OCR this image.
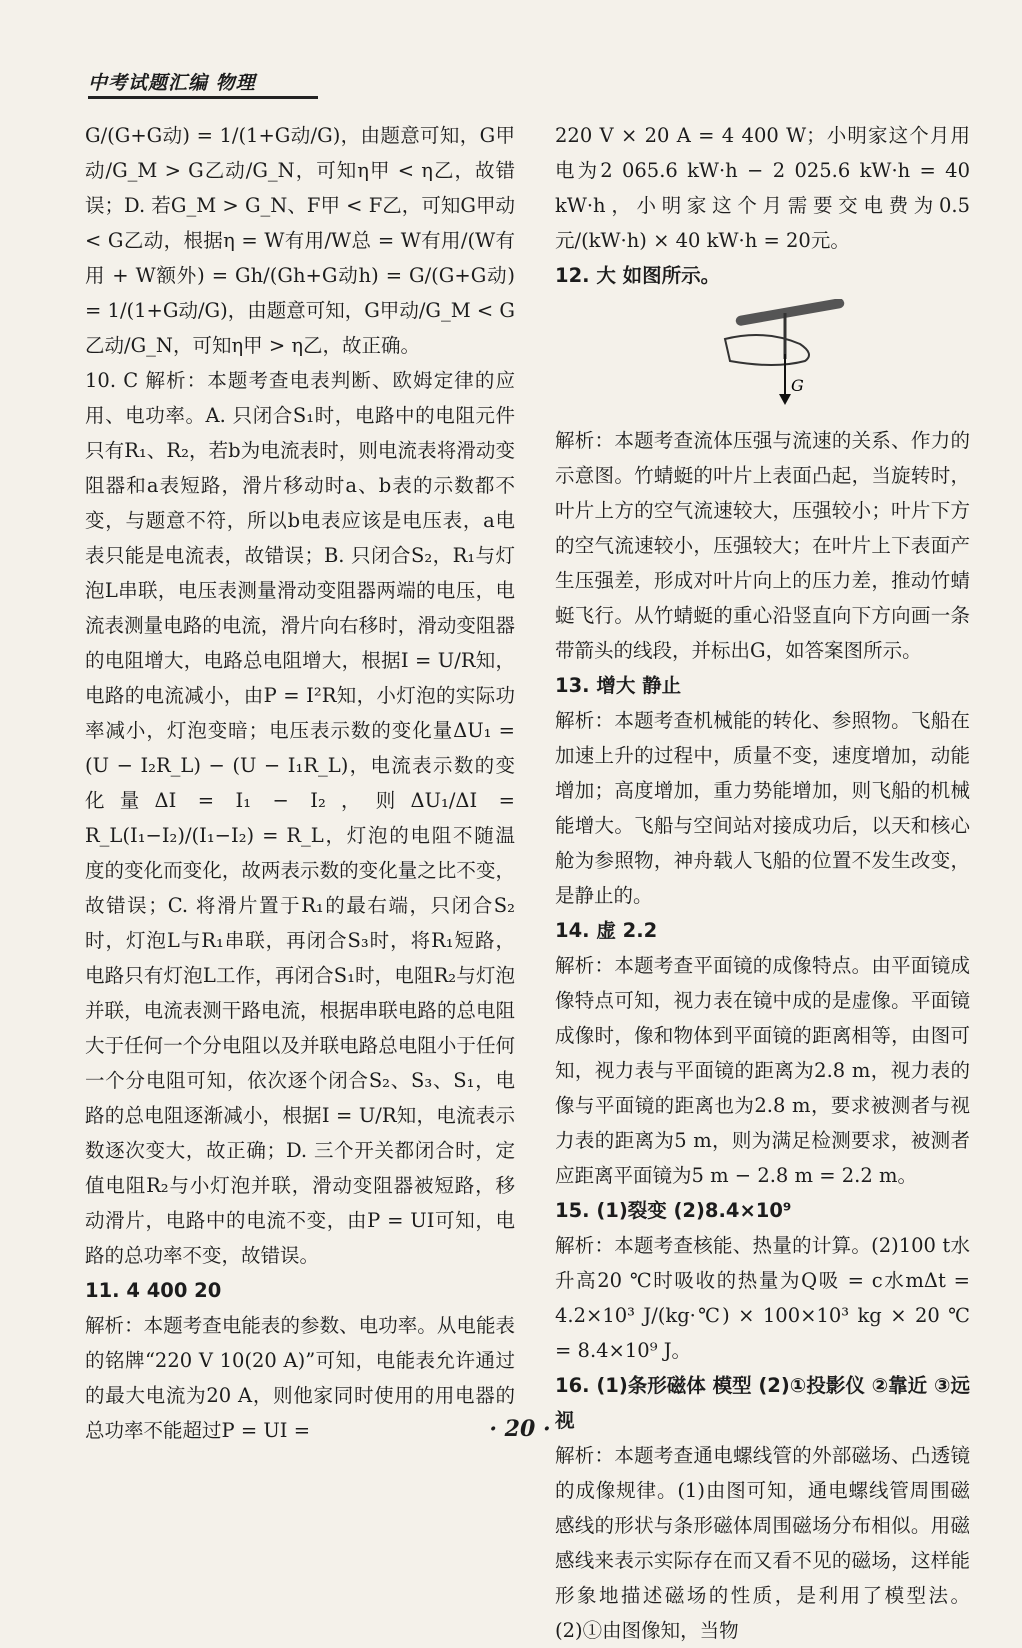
中考试题汇编 物理

G/(G+G动) = 1/(1+G动/G)，由题意可知，G甲动/G_M > G乙动/G_N，可知η甲 < η乙，故错误；D. 若G_M > G_N、F甲 < F乙，可知G甲动 < G乙动，根据η = W有用/W总 = W有用/(W有用 + W额外) = Gh/(Gh+G动h) = G/(G+G动) = 1/(1+G动/G)，由题意可知，G甲动/G_M < G乙动/G_N，可知η甲 > η乙，故正确。

10. C 解析：本题考查电表判断、欧姆定律的应用、电功率。A. 只闭合S₁时，电路中的电阻元件只有R₁、R₂，若b为电流表时，则电流表将滑动变阻器和a表短路，滑片移动时a、b表的示数都不变，与题意不符，所以b电表应该是电压表，a电表只能是电流表，故错误；B. 只闭合S₂，R₁与灯泡L串联，电压表测量滑动变阻器两端的电压，电流表测量电路的电流，滑片向右移时，滑动变阻器的电阻增大，电路总电阻增大，根据I = U/R知，电路的电流减小，由P = I²R知，小灯泡的实际功率减小，灯泡变暗；电压表示数的变化量ΔU₁ = (U − I₂R_L) − (U − I₁R_L)，电流表示数的变化量ΔI = I₁ − I₂，则ΔU₁/ΔI = R_L(I₁−I₂)/(I₁−I₂) = R_L，灯泡的电阻不随温度的变化而变化，故两表示数的变化量之比不变，故错误；C. 将滑片置于R₁的最右端，只闭合S₂时，灯泡L与R₁串联，再闭合S₃时，将R₁短路，电路只有灯泡L工作，再闭合S₁时，电阻R₂与灯泡并联，电流表测干路电流，根据串联电路的总电阻大于任何一个分电阻以及并联电路总电阻小于任何一个分电阻可知，依次逐个闭合S₂、S₃、S₁，电路的总电阻逐渐减小，根据I = U/R知，电流表示数逐次变大，故正确；D. 三个开关都闭合时，定值电阻R₂与小灯泡并联，滑动变阻器被短路，移动滑片，电路中的电流不变，由P = UI可知，电路的总功率不变，故错误。

11. 4 400 20

解析：本题考查电能表的参数、电功率。从电能表的铭牌“220 V 10(20 A)”可知，电能表允许通过的最大电流为20 A，则他家同时使用的用电器的总功率不能超过P = UI =

220 V × 20 A = 4 400 W；小明家这个月用电为2 065.6 kW·h − 2 025.6 kW·h = 40 kW·h，小明家这个月需要交电费为0.5元/(kW·h) × 40 kW·h = 20元。

12. 大 如图所示。

G

解析：本题考查流体压强与流速的关系、作力的示意图。竹蜻蜓的叶片上表面凸起，当旋转时，叶片上方的空气流速较大，压强较小；叶片下方的空气流速较小，压强较大；在叶片上下表面产生压强差，形成对叶片向上的压力差，推动竹蜻蜓飞行。从竹蜻蜓的重心沿竖直向下方向画一条带箭头的线段，并标出G，如答案图所示。

13. 增大 静止

解析：本题考查机械能的转化、参照物。飞船在加速上升的过程中，质量不变，速度增加，动能增加；高度增加，重力势能增加，则飞船的机械能增大。飞船与空间站对接成功后，以天和核心舱为参照物，神舟载人飞船的位置不发生改变，是静止的。

14. 虚 2.2

解析：本题考查平面镜的成像特点。由平面镜成像特点可知，视力表在镜中成的是虚像。平面镜成像时，像和物体到平面镜的距离相等，由图可知，视力表与平面镜的距离为2.8 m，视力表的像与平面镜的距离也为2.8 m，要求被测者与视力表的距离为5 m，则为满足检测要求，被测者应距离平面镜为5 m − 2.8 m = 2.2 m。

15. (1)裂变 (2)8.4×10⁹

解析：本题考查核能、热量的计算。(2)100 t水升高20 ℃时吸收的热量为Q吸 = c水mΔt = 4.2×10³ J/(kg·℃) × 100×10³ kg × 20 ℃ = 8.4×10⁹ J。

16. (1)条形磁体 模型 (2)①投影仪 ②靠近 ③远视

解析：本题考查通电螺线管的外部磁场、凸透镜的成像规律。(1)由图可知，通电螺线管周围磁感线的形状与条形磁体周围磁场分布相似。用磁感线来表示实际存在而又看不见的磁场，这样能形象地描述磁场的性质，是利用了模型法。(2)①由图像知，当物

· 20 ·
